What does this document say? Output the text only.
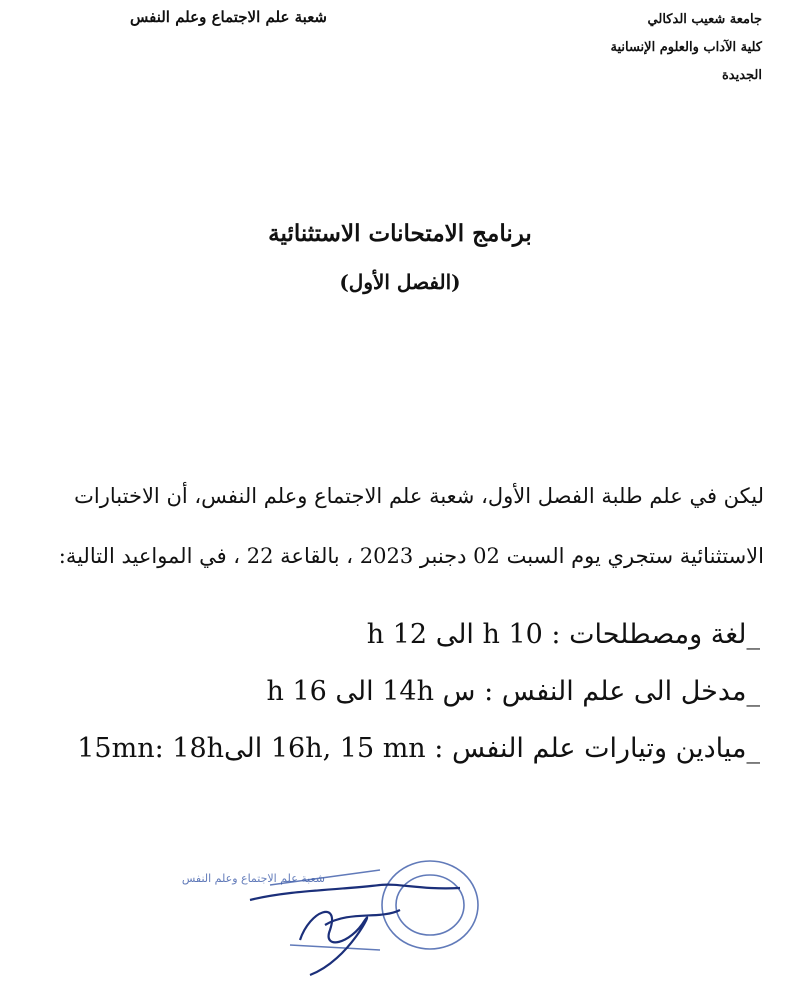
جامعة شعيب الدكالي
كلية الآداب والعلوم الإنسانية
الجديدة
شعبة علم الاجتماع وعلم النفس
برنامج الامتحانات الاستثنائية
(الفصل الأول)
ليكن في علم طلبة الفصل الأول، شعبة علم الاجتماع وعلم النفس، أن الاختبارات
الاستثنائية ستجري يوم السبت 02 دجنبر 2023 ، بالقاعة 22 ، في المواعيد التالية:
_لغة ومصطلحات : h 10 الى 12 h
_مدخل الى علم النفس : س 14h الى 16 h
_ميادين وتيارات علم النفس : 16h, 15 mn الى15mn: 18h
شعبة علم الاجتماع وعلم النفس
